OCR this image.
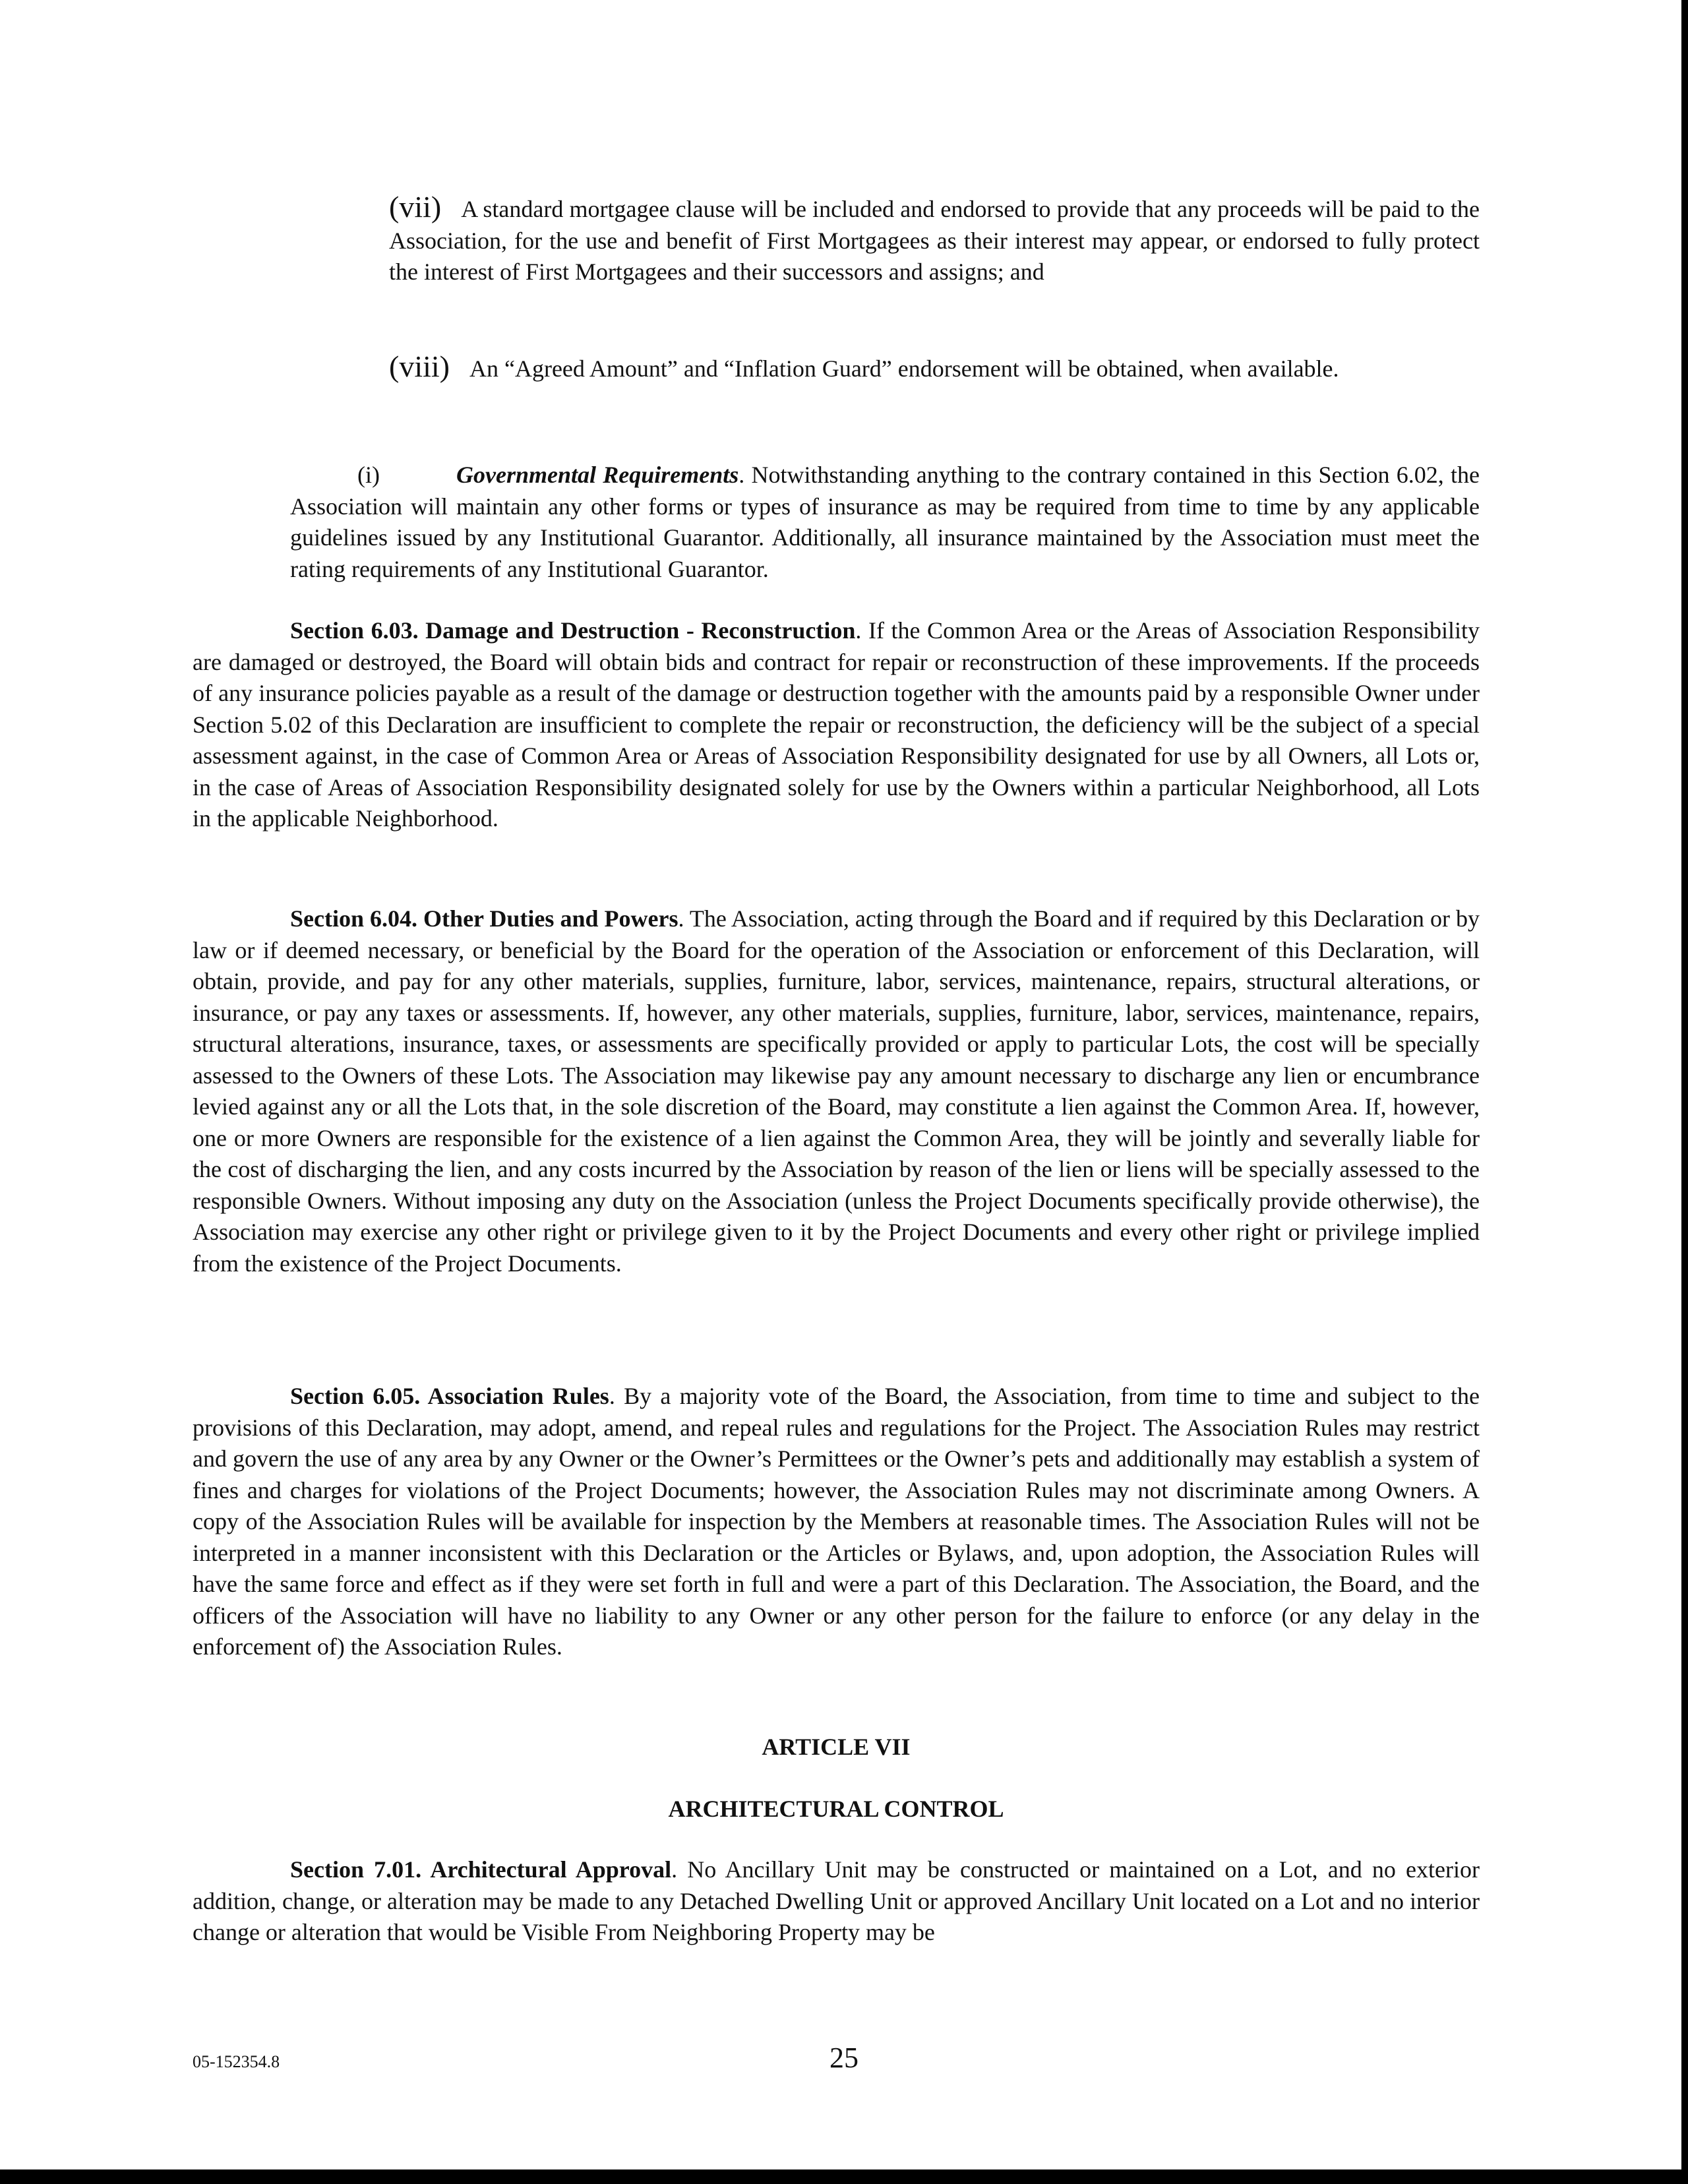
(vii) A standard mortgagee clause will be included and endorsed to provide that any proceeds will be paid to the Association, for the use and benefit of First Mortgagees as their interest may appear, or endorsed to fully protect the interest of First Mortgagees and their successors and assigns; and

(viii) An “Agreed Amount” and “Inflation Guard” endorsement will be obtained, when available.

(i)	Governmental Requirements. Notwithstanding anything to the contrary contained in this Section 6.02, the Association will maintain any other forms or types of insurance as may be required from time to time by any applicable guidelines issued by any Institutional Guarantor. Additionally, all insurance maintained by the Association must meet the rating requirements of any Institutional Guarantor.

Section 6.03. Damage and Destruction - Reconstruction. If the Common Area or the Areas of Association Responsibility are damaged or destroyed, the Board will obtain bids and contract for repair or reconstruction of these improvements. If the proceeds of any insurance policies payable as a result of the damage or destruction together with the amounts paid by a responsible Owner under Section 5.02 of this Declaration are insufficient to complete the repair or reconstruction, the deficiency will be the subject of a special assessment against, in the case of Common Area or Areas of Association Responsibility designated for use by all Owners, all Lots or, in the case of Areas of Association Responsibility designated solely for use by the Owners within a particular Neighborhood, all Lots in the applicable Neighborhood.

Section 6.04. Other Duties and Powers. The Association, acting through the Board and if required by this Declaration or by law or if deemed necessary, or beneficial by the Board for the operation of the Association or enforcement of this Declaration, will obtain, provide, and pay for any other materials, supplies, furniture, labor, services, maintenance, repairs, structural alterations, or insurance, or pay any taxes or assessments. If, however, any other materials, supplies, furniture, labor, services, maintenance, repairs, structural alterations, insurance, taxes, or assessments are specifically provided or apply to particular Lots, the cost will be specially assessed to the Owners of these Lots. The Association may likewise pay any amount necessary to discharge any lien or encumbrance levied against any or all the Lots that, in the sole discretion of the Board, may constitute a lien against the Common Area. If, however, one or more Owners are responsible for the existence of a lien against the Common Area, they will be jointly and severally liable for the cost of discharging the lien, and any costs incurred by the Association by reason of the lien or liens will be specially assessed to the responsible Owners. Without imposing any duty on the Association (unless the Project Documents specifically provide otherwise), the Association may exercise any other right or privilege given to it by the Project Documents and every other right or privilege implied from the existence of the Project Documents.

Section 6.05. Association Rules. By a majority vote of the Board, the Association, from time to time and subject to the provisions of this Declaration, may adopt, amend, and repeal rules and regulations for the Project. The Association Rules may restrict and govern the use of any area by any Owner or the Owner’s Permittees or the Owner’s pets and additionally may establish a system of fines and charges for violations of the Project Documents; however, the Association Rules may not discriminate among Owners. A copy of the Association Rules will be available for inspection by the Members at reasonable times. The Association Rules will not be interpreted in a manner inconsistent with this Declaration or the Articles or Bylaws, and, upon adoption, the Association Rules will have the same force and effect as if they were set forth in full and were a part of this Declaration. The Association, the Board, and the officers of the Association will have no liability to any Owner or any other person for the failure to enforce (or any delay in the enforcement of) the Association Rules.

ARTICLE VII

ARCHITECTURAL CONTROL

Section 7.01. Architectural Approval. No Ancillary Unit may be constructed or maintained on a Lot, and no exterior addition, change, or alteration may be made to any Detached Dwelling Unit or approved Ancillary Unit located on a Lot and no interior change or alteration that would be Visible From Neighboring Property may be

05-152354.8	25
